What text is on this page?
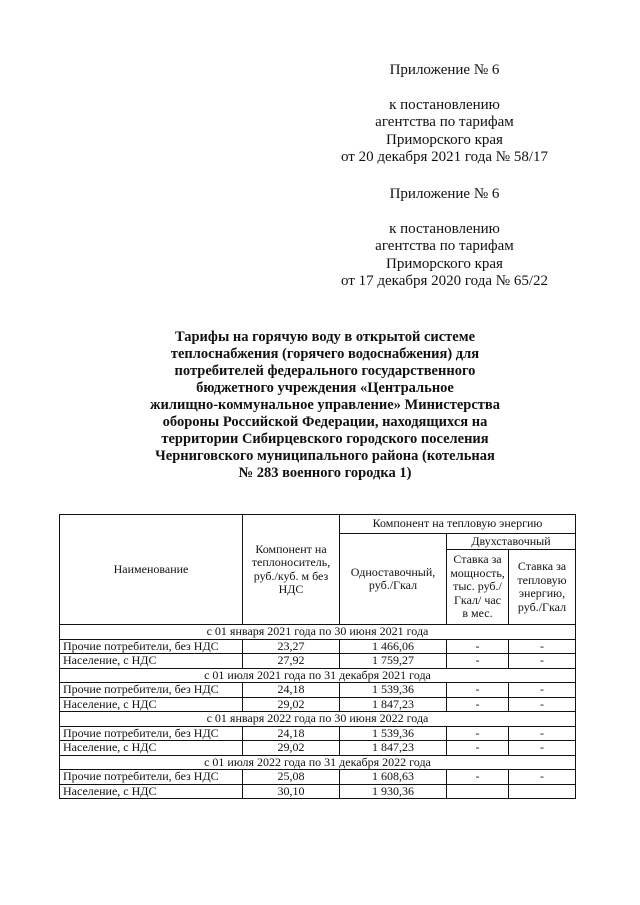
Приложение № 6
к постановлению
агентства по тарифам
Приморского края
от 20 декабря 2021 года № 58/17
Приложение № 6
к постановлению
агентства по тарифам
Приморского края
от 17 декабря 2020 года № 65/22
Тарифы на горячую воду в открытой системе
теплоснабжения (горячего водоснабжения) для
потребителей федерального государственного
бюджетного учреждения «Центральное
жилищно-коммунальное управление» Министерства
обороны Российской Федерации, находящихся на
территории Сибирцевского городского поселения
Черниговского муниципального района (котельная
№ 283 военного городка 1)
Наименование	Компонент на теплоноситель, руб./куб. м без НДС	Компонент на тепловую энергию		
		Одноставочный, руб./Гкал	Двухставочный	
			Ставка за мощность, тыс. руб./Гкал/ час в мес.	Ставка за тепловую энергию, руб./Гкал
с 01 января 2021 года по 30 июня 2021 года				
Прочие потребители, без НДС	23,27	1 466,06	-	-
Население, с НДС	27,92	1 759,27	-	-
с 01 июля 2021 года по 31 декабря 2021 года				
Прочие потребители, без НДС	24,18	1 539,36	-	-
Население, с НДС	29,02	1 847,23	-	-
с 01 января 2022 года по 30 июня 2022 года				
Прочие потребители, без НДС	24,18	1 539,36	-	-
Население, с НДС	29,02	1 847,23	-	-
с 01 июля 2022 года по 31 декабря 2022 года				
Прочие потребители, без НДС	25,08	1 608,63	-	-
Население, с НДС	30,10	1 930,36		
